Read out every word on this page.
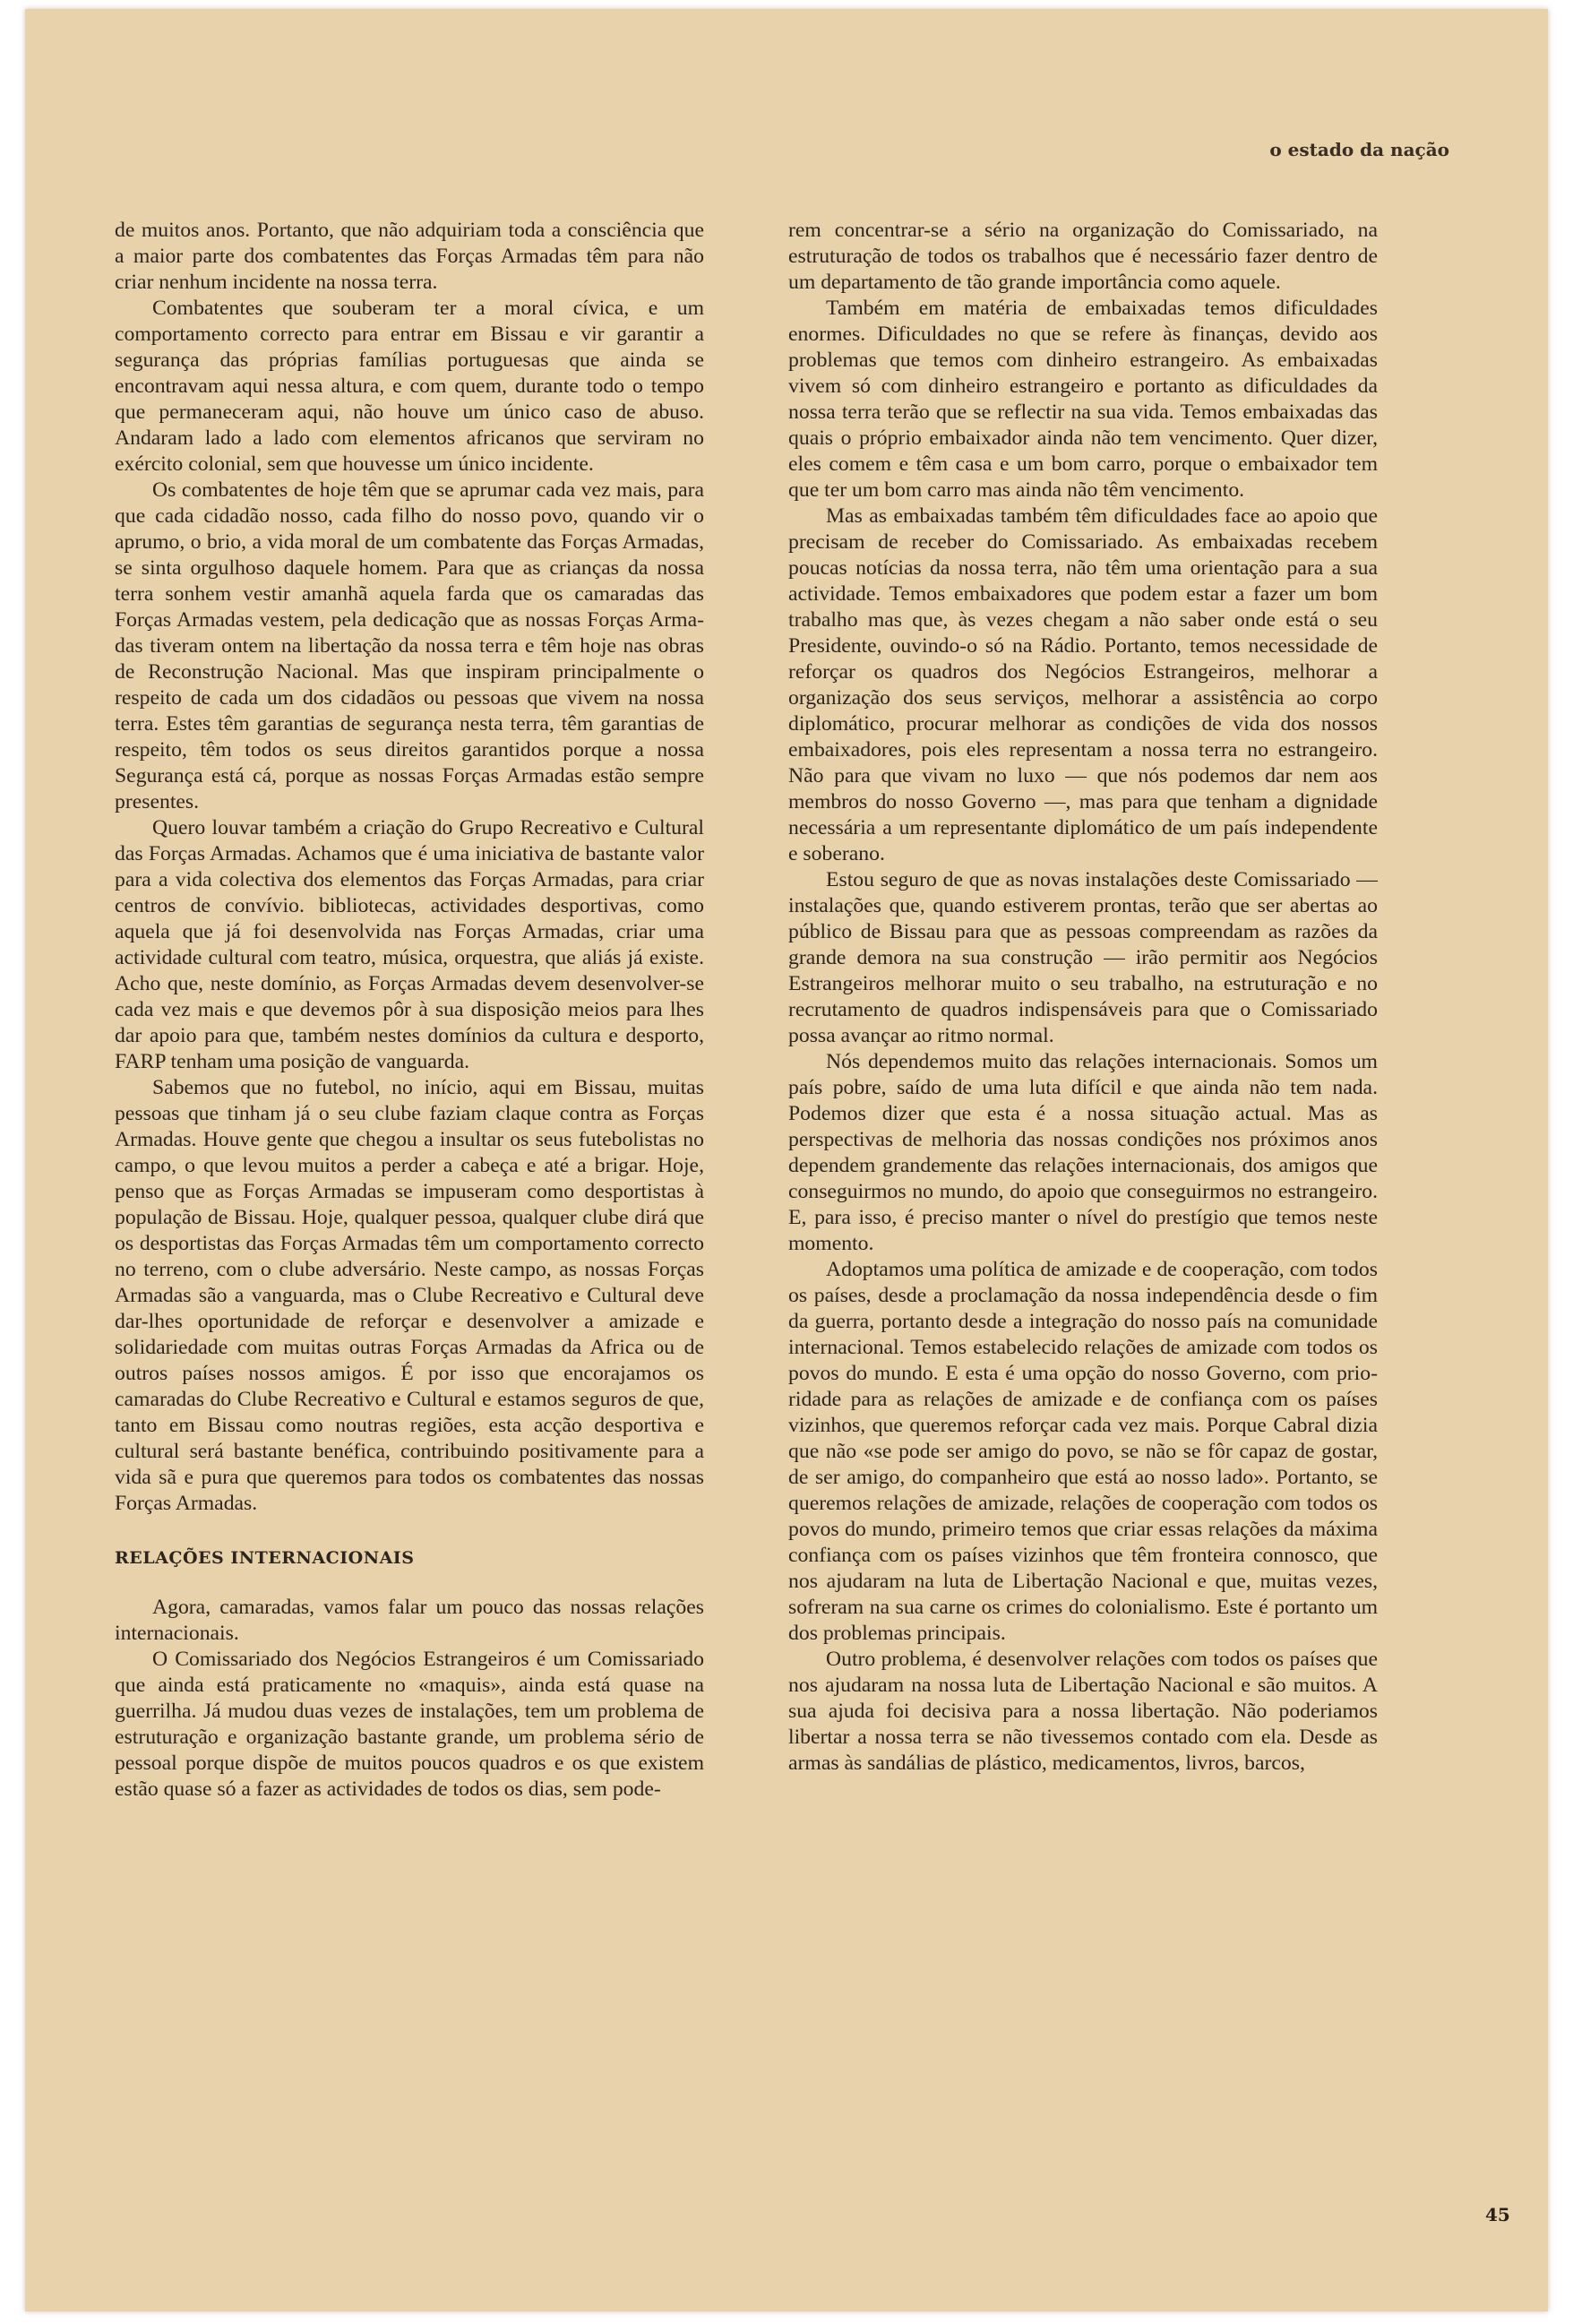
o estado da nação

de muitos anos. Portanto, que não adquiriam toda a consciência que a maior parte dos combatentes das Forças Armadas têm para não criar nenhum incidente na nossa terra.

Combatentes que souberam ter a moral cívica, e um comportamento correcto para entrar em Bissau e vir garantir a segurança das próprias famílias portuguesas que ainda se encontravam aqui nessa altura, e com quem, durante todo o tempo que permaneceram aqui, não houve um único caso de abuso. Andaram lado a lado com elementos africanos que serviram no exército colonial, sem que houvesse um único incidente.

Os combatentes de hoje têm que se aprumar cada vez mais, para que cada cidadão nosso, cada filho do nosso povo, quando vir o aprumo, o brio, a vida moral de um combatente das Forças Armadas, se sinta orgulhoso daquele homem. Para que as crianças da nossa terra sonhem vestir amanhã aquela farda que os camaradas das Forças Armadas vestem, pela dedicação que as nossas Forças Armadas tiveram ontem na libertação da nossa terra e têm hoje nas obras de Reconstrução Nacional. Mas que inspiram principalmente o respeito de cada um dos cidadãos ou pessoas que vivem na nossa terra. Estes têm garantias de segurança nesta terra, têm garantias de respeito, têm todos os seus direitos garantidos porque a nossa Segurança está cá, porque as nossas Forças Armadas estão sempre presentes.

Quero louvar também a criação do Grupo Recreativo e Cultural das Forças Armadas. Achamos que é uma iniciativa de bastante valor para a vida colectiva dos elementos das Forças Armadas, para criar centros de convívio. bibliotecas, actividades desportivas, como aquela que já foi desenvolvida nas Forças Armadas, criar uma actividade cultural com teatro, música, orquestra, que aliás já existe. Acho que, neste domínio, as Forças Armadas devem desenvolver-se cada vez mais e que devemos pôr à sua disposição meios para lhes dar apoio para que, também nestes domínios da cultura e desporto, FARP tenham uma posição de vanguarda.

Sabemos que no futebol, no início, aqui em Bissau, muitas pessoas que tinham já o seu clube faziam claque contra as Forças Armadas. Houve gente que chegou a insultar os seus futebolistas no campo, o que levou muitos a perder a cabeça e até a brigar. Hoje, penso que as Forças Armadas se impuseram como desportistas à população de Bissau. Hoje, qualquer pessoa, qualquer clube dirá que os desportistas das Forças Armadas têm um comportamento correcto no terreno, com o clube adversário. Neste campo, as nossas Forças Armadas são a vanguarda, mas o Clube Recreativo e Cultural deve dar-lhes oportunidade de reforçar e desenvolver a amizade e solidariedade com muitas outras Forças Armadas da Africa ou de outros países nossos amigos. É por isso que encorajamos os camaradas do Clube Recreativo e Cultural e estamos seguros de que, tanto em Bissau como noutras regiões, esta acção desportiva e cultural será bastante benéfica, contribuindo positivamente para a vida sã e pura que queremos para todos os combatentes das nossas Forças Armadas.

RELAÇÕES INTERNACIONAIS

Agora, camaradas, vamos falar um pouco das nossas relações internacionais.

O Comissariado dos Negócios Estrangeiros é um Comissariado que ainda está praticamente no «maquis», ainda está quase na guerrilha. Já mudou duas vezes de instalações, tem um problema de estruturação e organização bastante grande, um problema sério de pessoal porque dispõe de muitos poucos quadros e os que existem estão quase só a fazer as actividades de todos os dias, sem pode-

rem concentrar-se a sério na organização do Comissariado, na estruturação de todos os trabalhos que é necessário fazer dentro de um departamento de tão grande importância como aquele.

Também em matéria de embaixadas temos dificuldades enormes. Dificuldades no que se refere às finanças, devido aos problemas que temos com dinheiro estrangeiro. As embaixadas vivem só com dinheiro estrangeiro e portanto as dificuldades da nossa terra terão que se reflectir na sua vida. Temos embaixadas das quais o próprio embaixador ainda não tem vencimento. Quer dizer, eles comem e têm casa e um bom carro, porque o embaixador tem que ter um bom carro mas ainda não têm vencimento.

Mas as embaixadas também têm dificuldades face ao apoio que precisam de receber do Comissariado. As embaixadas recebem poucas notícias da nossa terra, não têm uma orientação para a sua actividade. Temos embaixadores que podem estar a fazer um bom trabalho mas que, às vezes chegam a não saber onde está o seu Presidente, ouvindo-o só na Rádio. Portanto, temos necessidade de reforçar os quadros dos Negócios Estrangeiros, melhorar a organização dos seus serviços, melhorar a assistência ao corpo diplomático, procurar melhorar as condições de vida dos nossos embaixadores, pois eles representam a nossa terra no estrangeiro. Não para que vivam no luxo — que nós podemos dar nem aos membros do nosso Governo —, mas para que tenham a dignidade necessária a um representante diplomático de um país independente e soberano.

Estou seguro de que as novas instalações deste Comissariado — instalações que, quando estiverem prontas, terão que ser abertas ao público de Bissau para que as pessoas compreendam as razões da grande demora na sua construção — irão permitir aos Negócios Estrangeiros melhorar muito o seu trabalho, na estruturação e no recrutamento de quadros indispensáveis para que o Comissariado possa avançar ao ritmo normal.

Nós dependemos muito das relações internacionais. Somos um país pobre, saído de uma luta difícil e que ainda não tem nada. Podemos dizer que esta é a nossa situação actual. Mas as perspectivas de melhoria das nossas condições nos próximos anos dependem grandemente das relações internacionais, dos amigos que conseguirmos no mundo, do apoio que conseguirmos no estrangeiro. E, para isso, é preciso manter o nível do prestígio que temos neste momento.

Adoptamos uma política de amizade e de cooperação, com todos os países, desde a proclamação da nossa independência desde o fim da guerra, portanto desde a integração do nosso país na comunidade internacional. Temos estabelecido relações de amizade com todos os povos do mundo. E esta é uma opção do nosso Governo, com prioridade para as relações de amizade e de confiança com os países vizinhos, que queremos reforçar cada vez mais. Porque Cabral dizia que não «se pode ser amigo do povo, se não se fôr capaz de gostar, de ser amigo, do companheiro que está ao nosso lado». Portanto, se queremos relações de amizade, relações de cooperação com todos os povos do mundo, primeiro temos que criar essas relações da máxima confiança com os países vizinhos que têm fronteira connosco, que nos ajudaram na luta de Libertação Nacional e que, muitas vezes, sofreram na sua carne os crimes do colonialismo. Este é portanto um dos problemas principais.

Outro problema, é desenvolver relações com todos os países que nos ajudaram na nossa luta de Libertação Nacional e são muitos. A sua ajuda foi decisiva para a nossa libertação. Não poderiamos libertar a nossa terra se não tivessemos contado com ela. Desde as armas às sandálias de plástico, medicamentos, livros, barcos,

45
